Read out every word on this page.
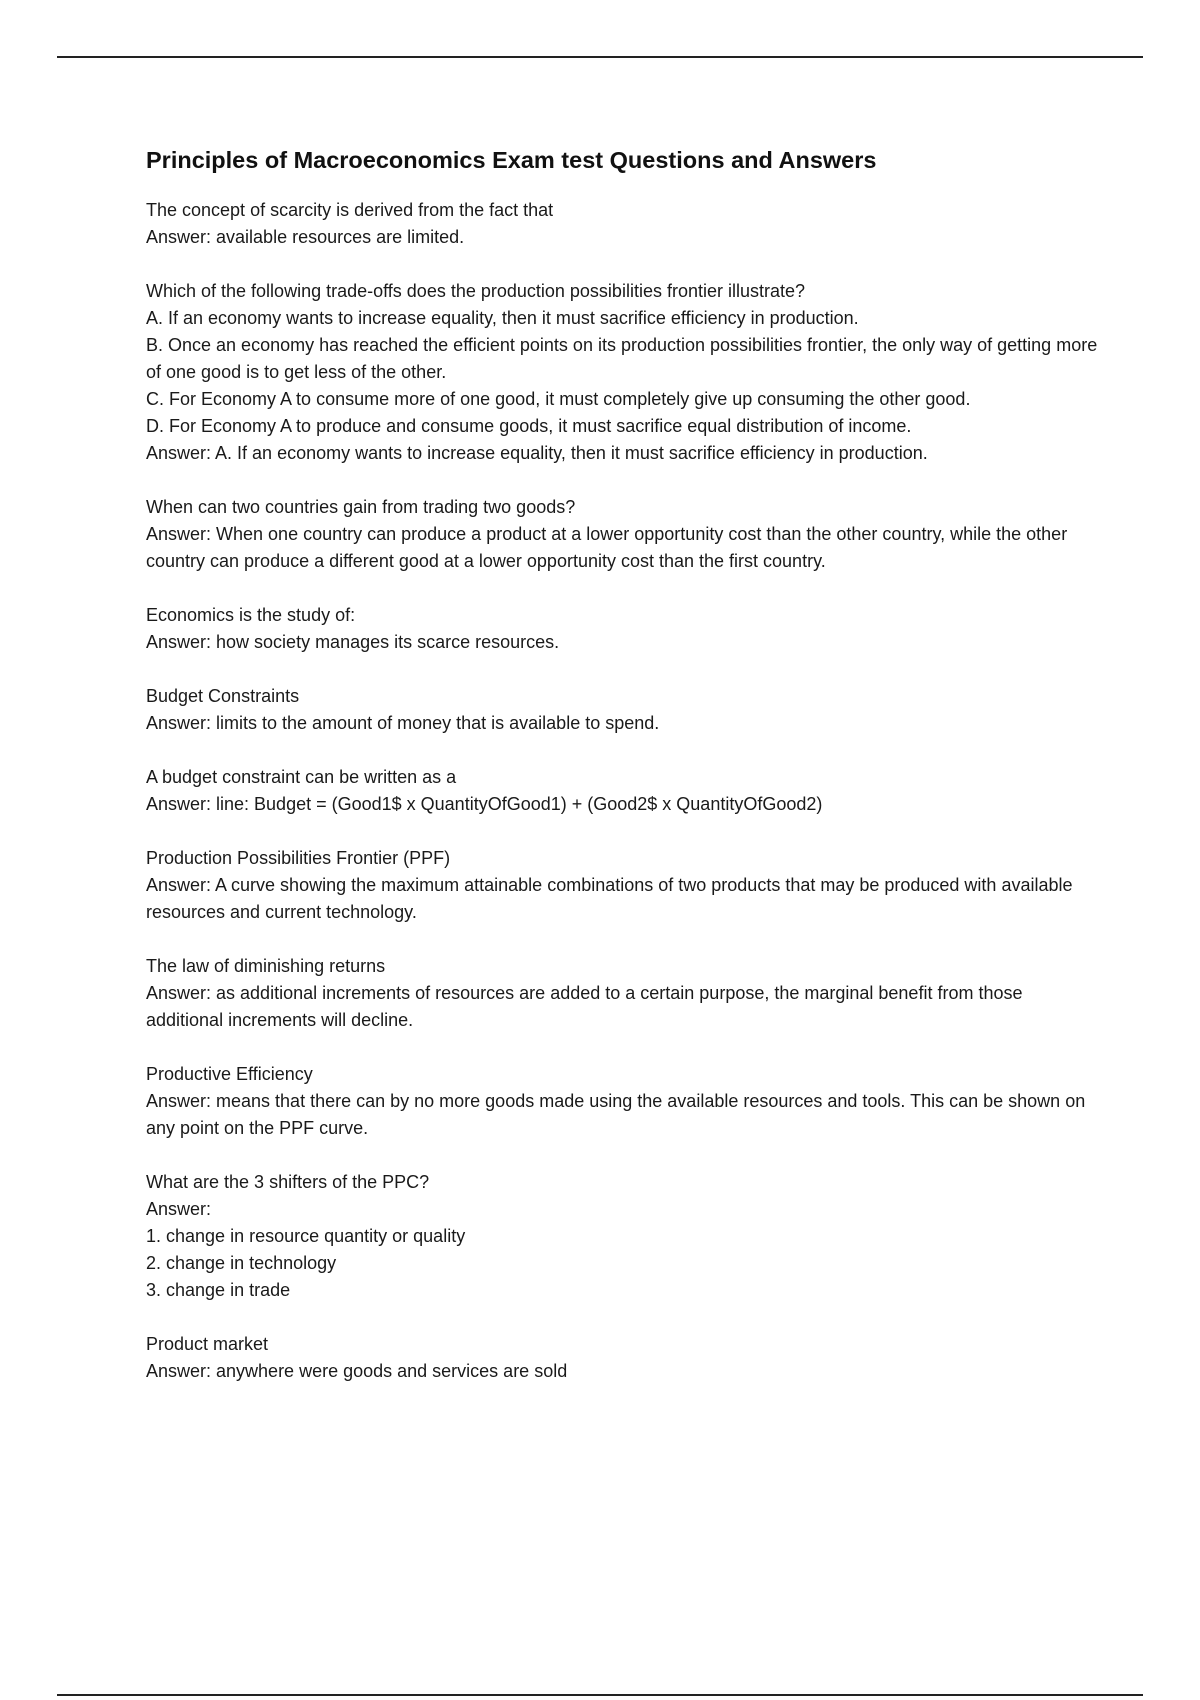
Principles of Macroeconomics Exam test Questions and Answers

The concept of scarcity is derived from the fact that

Answer: available resources are limited.

Which of the following trade-offs does the production possibilities frontier illustrate?

A. If an economy wants to increase equality, then it must sacrifice efficiency in production.

B. Once an economy has reached the efficient points on its production possibilities frontier, the only way of getting more of one good is to get less of the other.

C. For Economy A to consume more of one good, it must completely give up consuming the other good.

D. For Economy A to produce and consume goods, it must sacrifice equal distribution of income.

Answer: A. If an economy wants to increase equality, then it must sacrifice efficiency in production.

When can two countries gain from trading two goods?

Answer: When one country can produce a product at a lower opportunity cost than the other country, while the other country can produce a different good at a lower opportunity cost than the first country.

Economics is the study of:

Answer: how society manages its scarce resources.

Budget Constraints

Answer: limits to the amount of money that is available to spend.

A budget constraint can be written as a

Answer: line: Budget = (Good1$ x QuantityOfGood1) + (Good2$ x QuantityOfGood2)

Production Possibilities Frontier (PPF)

Answer: A curve showing the maximum attainable combinations of two products that may be produced with available resources and current technology.

The law of diminishing returns

Answer: as additional increments of resources are added to a certain purpose, the marginal benefit from those additional increments will decline.

Productive Efficiency

Answer: means that there can by no more goods made using the available resources and tools. This can be shown on any point on the PPF curve.

What are the 3 shifters of the PPC?

Answer:

1. change in resource quantity or quality

2. change in technology

3. change in trade

Product market

Answer: anywhere were goods and services are sold
